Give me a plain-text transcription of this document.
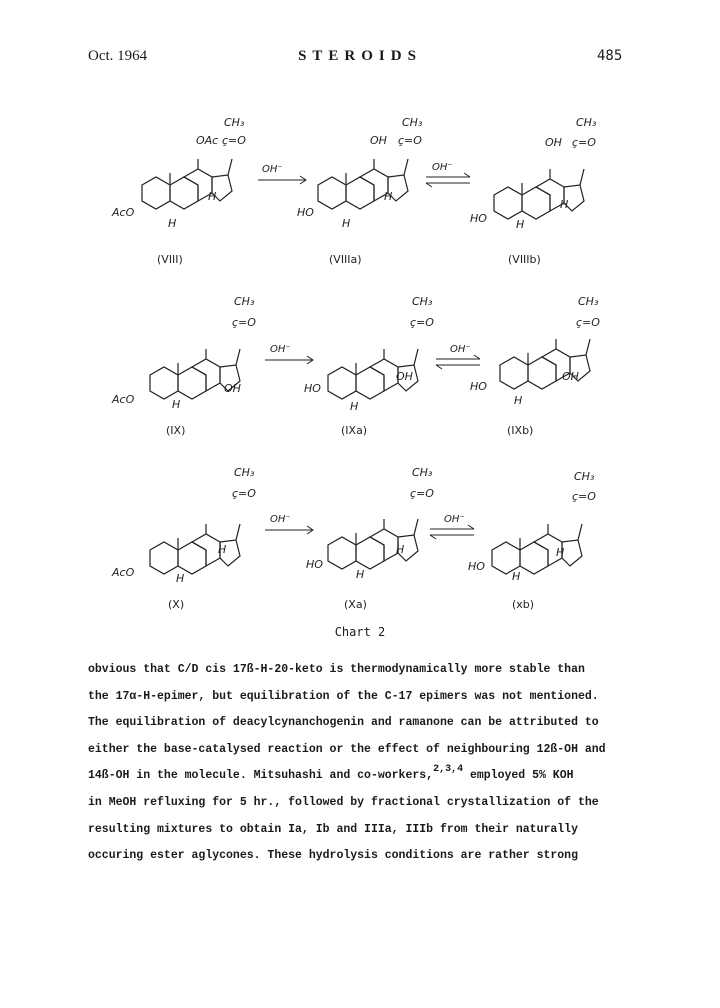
Oct. 1964	STEROIDS	485
AcO
OAc
CH₃
ç=O
H
H
OH⁻
HO
OH
CH₃
ç=O
H
H
OH⁻
HO
OH
CH₃
ç=O
H
H
(VIII)	(VIIIa)	(VIIIb)
AcO
CH₃
ç=O
H
OH
OH⁻
HO
CH₃
ç=O
H
OH
OH⁻
HO
CH₃
ç=O
H
OH
(IX)	(IXa)	(IXb)
AcO
CH₃
ç=O
H
H
OH⁻
HO
CH₃
ç=O
H
H
OH⁻
HO
CH₃
ç=O
H
H
(X)	(Xa)	(xb)
Chart 2
obvious that C/D cis 17ß-H-20-keto is thermodynamically more stable than
the 17α-H-epimer, but equilibration of the C-17 epimers was not mentioned.
The equilibration of deacylcynanchogenin and ramanone can be attributed to
either the base-catalysed reaction or the effect of neighbouring 12ß-OH and
14ß-OH in the molecule. Mitsuhashi and co-workers,2,3,4 employed 5% KOH
in MeOH refluxing for 5 hr., followed by fractional crystallization of the
resulting mixtures to obtain Ia, Ib and IIIa, IIIb from their naturally
occuring ester aglycones. These hydrolysis conditions are rather strong
